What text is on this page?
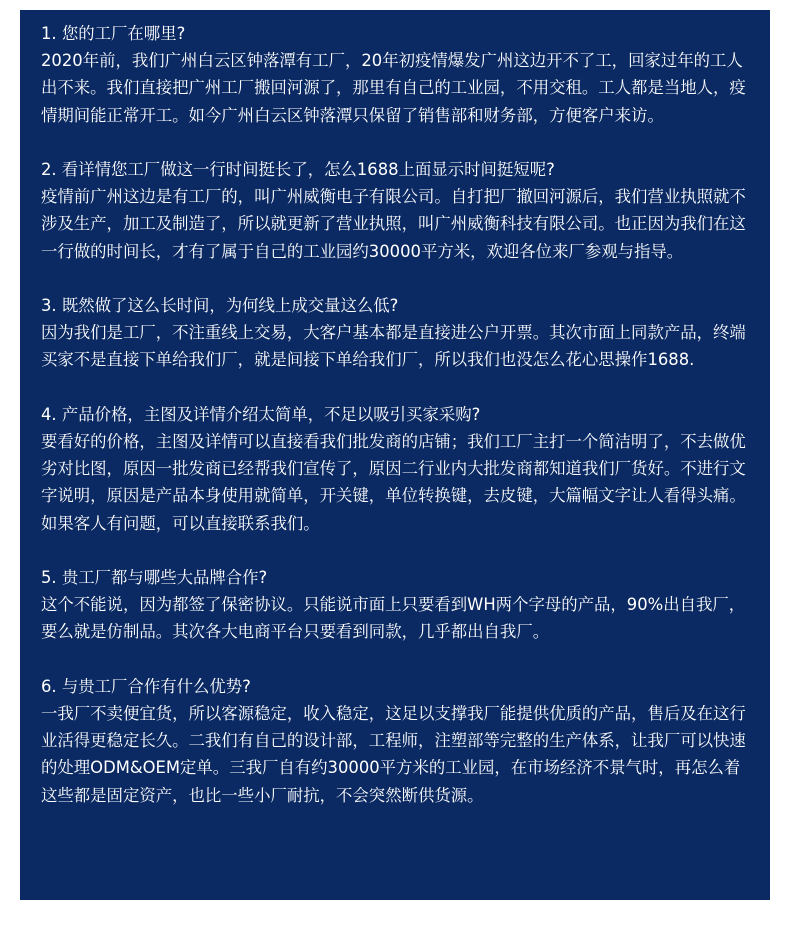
1. 您的工厂在哪里?

2020年前，我们广州白云区钟落潭有工厂，20年初疫情爆发广州这边开不了工，回家过年的工人出不来。我们直接把广州工厂搬回河源了，那里有自己的工业园，不用交租。工人都是当地人，疫情期间能正常开工。如今广州白云区钟落潭只保留了销售部和财务部，方便客户来访。

2. 看详情您工厂做这一行时间挺长了，怎么1688上面显示时间挺短呢?

疫情前广州这边是有工厂的，叫广州威衡电子有限公司。自打把厂撤回河源后，我们营业执照就不涉及生产，加工及制造了，所以就更新了营业执照，叫广州威衡科技有限公司。也正因为我们在这一行做的时间长，才有了属于自己的工业园约30000平方米，欢迎各位来厂参观与指导。

3. 既然做了这么长时间，为何线上成交量这么低?

因为我们是工厂，不注重线上交易，大客户基本都是直接进公户开票。其次市面上同款产品，终端买家不是直接下单给我们厂，就是间接下单给我们厂，所以我们也没怎么花心思操作1688.

4. 产品价格，主图及详情介绍太简单，不足以吸引买家采购?

要看好的价格，主图及详情可以直接看我们批发商的店铺；我们工厂主打一个简洁明了，不去做优劣对比图，原因一批发商已经帮我们宣传了，原因二行业内大批发商都知道我们厂货好。不进行文字说明，原因是产品本身使用就简单，开关键，单位转换键，去皮键，大篇幅文字让人看得头痛。如果客人有问题，可以直接联系我们。

5. 贵工厂都与哪些大品牌合作?

这个不能说，因为都签了保密协议。只能说市面上只要看到WH两个字母的产品，90%出自我厂，要么就是仿制品。其次各大电商平台只要看到同款，几乎都出自我厂。

6. 与贵工厂合作有什么优势?

一我厂不卖便宜货，所以客源稳定，收入稳定，这足以支撑我厂能提供优质的产品，售后及在这行业活得更稳定长久。二我们有自己的设计部，工程师，注塑部等完整的生产体系，让我厂可以快速的处理ODM&OEM定单。三我厂自有约30000平方米的工业园，在市场经济不景气时，再怎么着这些都是固定资产，也比一些小厂耐抗，不会突然断供货源。
